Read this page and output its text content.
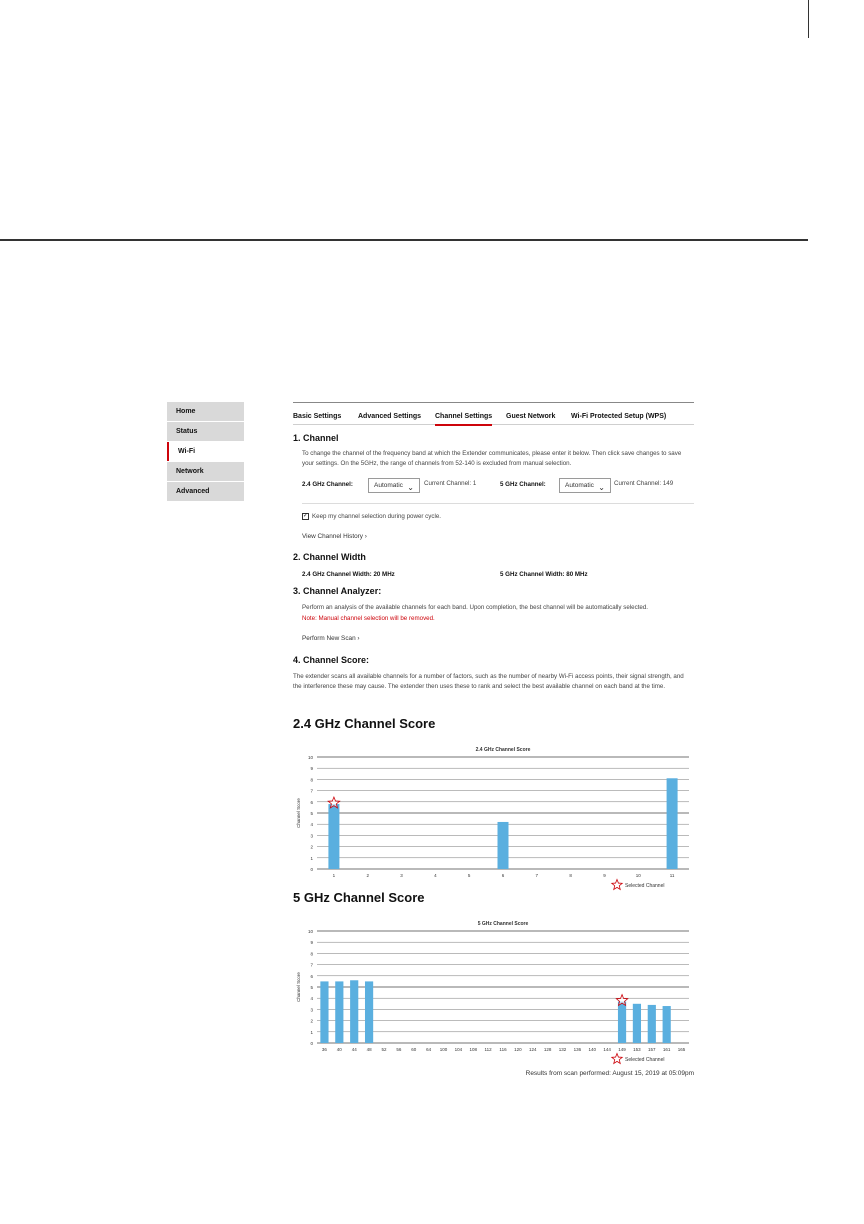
Home
Status
Wi-Fi
Network
Advanced
Basic Settings Advanced Settings Channel Settings Guest Network Wi-Fi Protected Setup (WPS)
1. Channel
To change the channel of the frequency band at which the Extender communicates, please enter it below. Then click save changes to save your settings. On the 5GHz, the range of channels from 52-140 is excluded from manual selection.
2.4 GHz Channel:	Automatic ⌄ Current Channel: 1	5 GHz Channel:	Automatic ⌄ Current Channel: 149
✓ Keep my channel selection during power cycle.
View Channel History ›
2. Channel Width
2.4 GHz Channel Width: 20 MHz	5 GHz Channel Width: 80 MHz
3. Channel Analyzer:
Perform an analysis of the available channels for each band. Upon completion, the best channel will be automatically selected.
Note: Manual channel selection will be removed.
Perform New Scan ›
4. Channel Score:
The extender scans all available channels for a number of factors, such as the number of nearby Wi-Fi access points, their signal strength, and the interference these may cause. The extender then uses these to rank and select the best available channel on each band at the time.
2.4 GHz Channel Score
2.4 GHz Channel Score
0
1
2
3
4
5
6
7
8
9
10
Channel Score
1	2	3	4	5	6	7	8	9	10	11
Selected Channel
5 GHz Channel Score
5 GHz Channel Score
0
1
2
3
4
5
6
7
8
9
10
Channel Score
36 40 44 48 52 56 60 64 100 104 108 112 116 120 124 128 132 136 140 144 149 153 157 161 165
Selected Channel
Results from scan performed: August 15, 2019 at 05:09pm
